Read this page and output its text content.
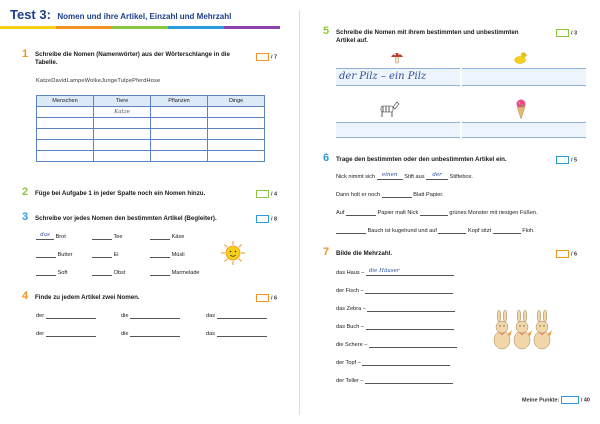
Test 3: Nomen und ihre Artikel, Einzahl und Mehrzahl
1 Schreibe die Nomen (Namenwörter) aus der Wörterschlange in die Tabelle.
/ 7
KatzeDavidLampeWolkeJungeTulpePferdHose
Menschen	Tiere	Pflanzen	Dinge
	Katze		

2 Füge bei Aufgabe 1 in jeder Spalte noch ein Nomen hinzu.	/ 4
3 Schreibe vor jedes Nomen den bestimmten Artikel (Begleiter).	/ 8
das Brot	Tee	Käse
Butter	Ei	Müsli
Soft	Obst	Marmelade
4 Finde zu jedem Artikel zwei Nomen.	/ 6
der	die	das
der	die	das
5 Schreibe die Nomen mit ihrem bestimmten und unbestimmten Artikel auf.
/ 3
der Pilz – ein Pilz
6 Trage den bestimmten oder den unbestimmten Artikel ein.	/ 5
Nick nimmt sich einen Stift aus der Stiftebox.
Dann holt er noch	Blatt Papier.
Auf	Papier malt Nick	grünes Monster mit riesigen Füßen.
Bauch ist kugelrund und auf	Kopf sitzt	Floh.
7 Bilde die Mehrzahl.	/ 6
das Haus – die Häuser
der Fisch –
das Zebra –
das Buch –
die Schere –
der Topf –
der Teller –
Meine Punkte:	/ 40
